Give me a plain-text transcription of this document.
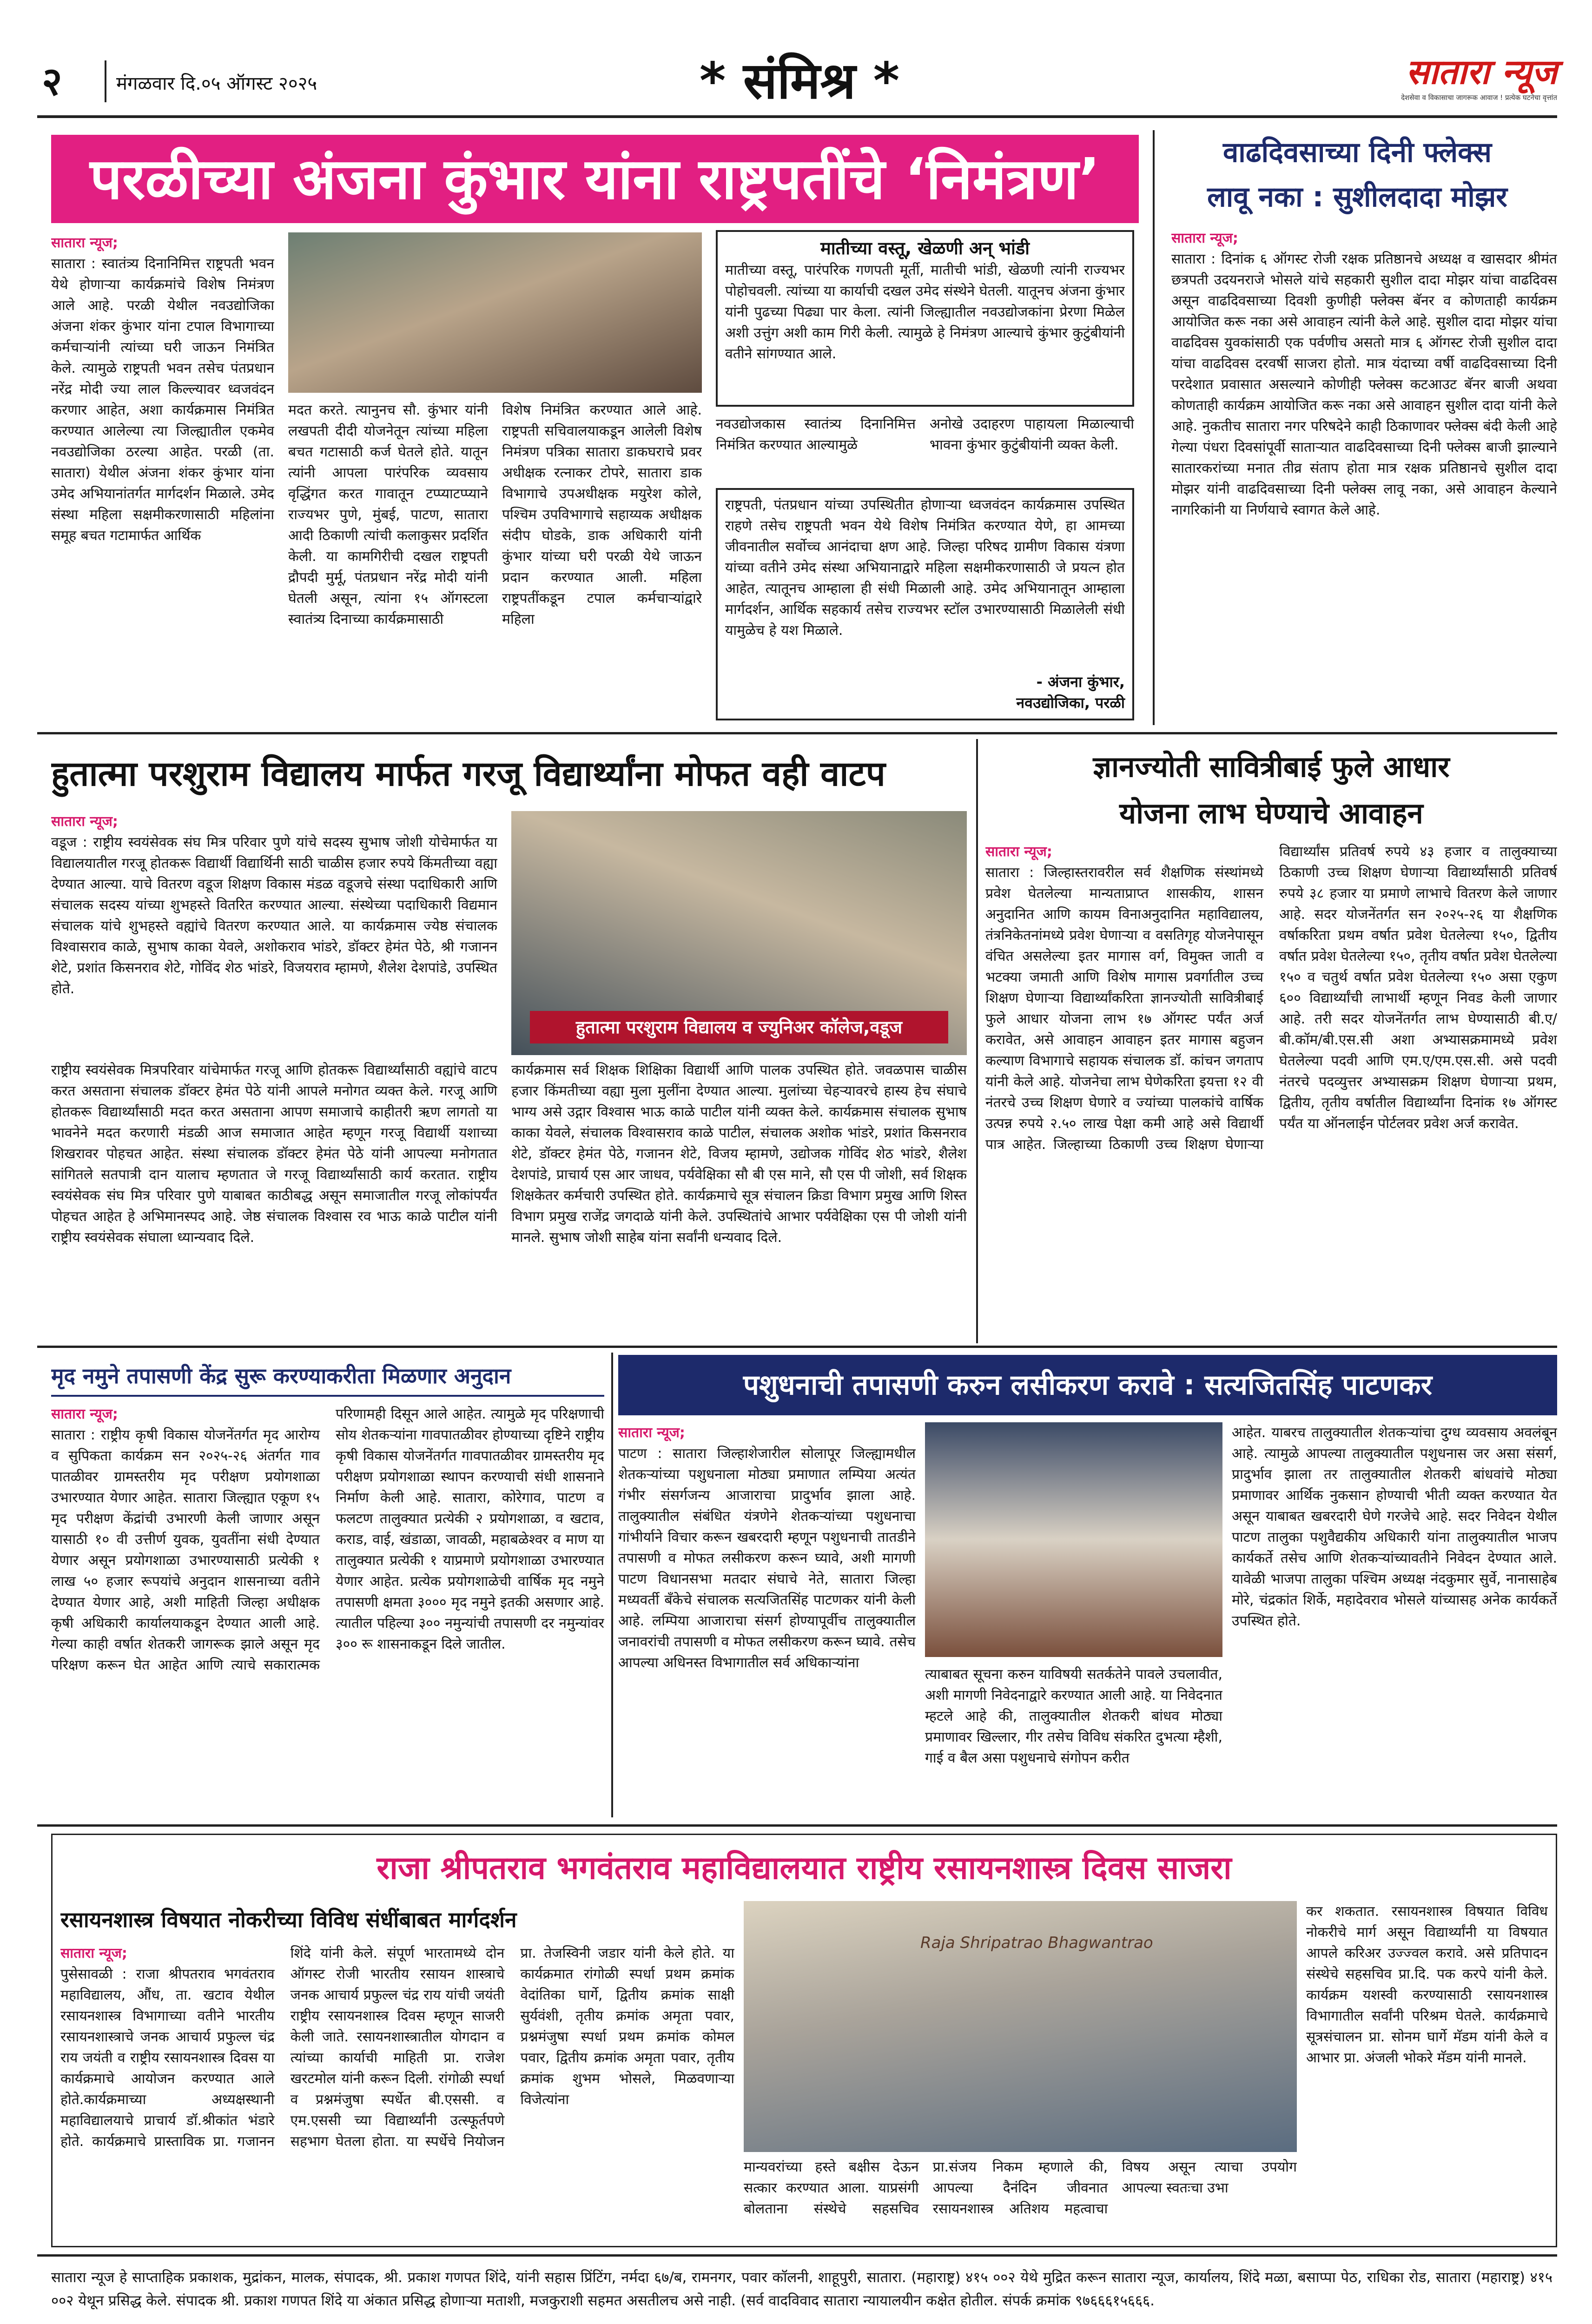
२	मंगळवार दि.०५ ऑगस्ट २०२५	* संमिश्र *	सातारा न्यूज
देशसेवा व विकासाचा जागरूक आवाज ! प्रत्येक घटनेचा वृत्तांत
परळीच्या अंजना कुंभार यांना राष्ट्रपतींचे ‘निमंत्रण’
सातारा न्यूज;
सातारा : स्वातंत्र्य दिनानिमित्त राष्ट्रपती भवन येथे होणाऱ्या कार्यक्रमांचे विशेष निमंत्रण आले आहे. परळी येथील नवउद्योजिका अंजना शंकर कुंभार यांना टपाल विभागाच्या कर्मचाऱ्यांनी त्यांच्या घरी जाऊन निमंत्रित केले. त्यामुळे राष्ट्रपती भवन तसेच पंतप्रधान नरेंद्र मोदी ज्या लाल किल्ल्यावर ध्वजवंदन करणार आहेत, अशा कार्यक्रमास निमंत्रित करण्यात आलेल्या त्या जिल्ह्यातील एकमेव नवउद्योजिका ठरल्या आहेत. परळी (ता. सातारा) येथील अंजना शंकर कुंभार यांना उमेद अभियानांतर्गत मार्गदर्शन मिळाले. उमेद संस्था महिला सक्षमीकरणासाठी महिलांना समूह बचत गटामार्फत आर्थिक
मदत करते. त्यानुनच सौ. कुंभार यांनी लखपती दीदी योजनेतून त्यांच्या महिला बचत गटासाठी कर्ज घेतले होते. यातून त्यांनी आपला पारंपरिक व्यवसाय वृद्धिंगत करत गावातून टप्प्याटप्प्याने राज्यभर पुणे, मुंबई, पाटण, सातारा आदी ठिकाणी त्यांची कलाकुसर प्रदर्शित केली. या कामगिरीची दखल राष्ट्रपती द्रौपदी मुर्मू, पंतप्रधान नरेंद्र मोदी यांनी घेतली असून, त्यांना १५ ऑगस्टला स्वातंत्र्य दिनाच्या कार्यक्रमासाठी
विशेष निमंत्रित करण्यात आले आहे. राष्ट्रपती सचिवालयाकडून आलेली विशेष निमंत्रण पत्रिका सातारा डाकघराचे प्रवर अधीक्षक रत्नाकर टोपरे, सातारा डाक विभागाचे उपअधीक्षक मयुरेश कोले, पश्चिम उपविभागाचे सहाय्यक अधीक्षक संदीप घोडके, डाक अधिकारी यांनी कुंभार यांच्या घरी परळी येथे जाऊन प्रदान करण्यात आली. महिला राष्ट्रपतींकडून टपाल कर्मचाऱ्यांद्वारे महिला
मातीच्या वस्तू, खेळणी अन्‌ भांडी
मातीच्या वस्तू, पारंपरिक गणपती मूर्ती, मातीची भांडी, खेळणी त्यांनी राज्यभर पोहोचवली. त्यांच्या या कार्याची दखल उमेद संस्थेने घेतली. यातूनच अंजना कुंभार यांनी पुढच्या पिढ्या पार केला. त्यांनी जिल्ह्यातील नवउद्योजकांना प्रेरणा मिळेल अशी उत्तुंग अशी काम गिरी केली. त्यामुळे हे निमंत्रण आल्याचे कुंभार कुटुंबीयांनी वतीने सांगण्यात आले.
नवउद्योजकास स्वातंत्र्य दिनानिमित्त निमंत्रित करण्यात आल्यामुळे
अनोखे उदाहरण पाहायला मिळाल्याची भावना कुंभार कुटुंबीयांनी व्यक्त केली.
राष्ट्रपती, पंतप्रधान यांच्या उपस्थितीत होणाऱ्या ध्वजवंदन कार्यक्रमास उपस्थित राहणे तसेच राष्ट्रपती भवन येथे विशेष निमंत्रित करण्यात येणे, हा आमच्या जीवनातील सर्वोच्च आनंदाचा क्षण आहे. जिल्हा परिषद ग्रामीण विकास यंत्रणा यांच्या वतीने उमेद संस्था अभियानाद्वारे महिला सक्षमीकरणासाठी जे प्रयत्न होत आहेत, त्यातूनच आम्हाला ही संधी मिळाली आहे. उमेद अभियानातून आम्हाला मार्गदर्शन, आर्थिक सहकार्य तसेच राज्यभर स्टॉल उभारण्यासाठी मिळालेली संधी यामुळेच हे यश मिळाले.
- अंजना कुंभार,
नवउद्योजिका, परळी
वाढदिवसाच्या दिनी फ्लेक्स
लावू नका : सुशीलदादा मोझर
सातारा न्यूज;
सातारा : दिनांक ६ ऑगस्ट रोजी रक्षक प्रतिष्ठानचे अध्यक्ष व खासदार श्रीमंत छत्रपती उदयनराजे भोसले यांचे सहकारी सुशील दादा मोझर यांचा वाढदिवस असून वाढदिवसाच्या दिवशी कुणीही फ्लेक्स बॅनर व कोणताही कार्यक्रम आयोजित करू नका असे आवाहन त्यांनी केले आहे. सुशील दादा मोझर यांचा वाढदिवस युवकांसाठी एक पर्वणीच असतो मात्र ६ ऑगस्ट रोजी सुशील दादा यांचा वाढदिवस दरवर्षी साजरा होतो. मात्र यंदाच्या वर्षी वाढदिवसाच्या दिनी परदेशात प्रवासात असल्याने कोणीही फ्लेक्स कटआउट बॅनर बाजी अथवा कोणताही कार्यक्रम आयोजित करू नका असे आवाहन सुशील दादा यांनी केले आहे. नुकतीच सातारा नगर परिषदेने काही ठिकाणावर फ्लेक्स बंदी केली आहे गेल्या पंधरा दिवसांपूर्वी सातार्‍यात वाढदिवसाच्या दिनी फ्लेक्स बाजी झाल्याने सातारकरांच्या मनात तीव्र संताप होता मात्र रक्षक प्रतिष्ठानचे सुशील दादा मोझर यांनी वाढदिवसाच्या दिनी फ्लेक्स लावू नका, असे आवाहन केल्याने नागरिकांनी या निर्णयाचे स्वागत केले आहे.
हुतात्मा परशुराम विद्यालय मार्फत गरजू विद्यार्थ्यांना मोफत वही वाटप
सातारा न्यूज;
वडूज : राष्ट्रीय स्वयंसेवक संघ मित्र परिवार पुणे यांचे सदस्य सुभाष जोशी योचेमार्फत या विद्यालयातील गरजू होतकरू विद्यार्थी विद्यार्थिनी साठी चाळीस हजार रुपये किंमतीच्या वह्या देण्यात आल्या. याचे वितरण वडूज शिक्षण विकास मंडळ वडूजचे संस्था पदाधिकारी आणि संचालक सदस्य यांच्या शुभहस्ते वितरित करण्यात आल्या. संस्थेच्या पदाधिकारी विद्यमान संचालक यांचे शुभहस्ते वह्यांचे वितरण करण्यात आले. या कार्यक्रमास ज्येष्ठ संचालक विश्वासराव काळे, सुभाष काका येवले, अशोकराव भांडरे, डॉक्टर हेमंत पेठे, श्री गजानन शेटे, प्रशांत किसनराव शेटे, गोविंद शेठ भांडरे, विजयराव म्हामणे, शैलेश देशपांडे, उपस्थित होते.
हुतात्मा परशुराम विद्यालय व ज्युनिअर कॉलेज,वडूज
राष्ट्रीय स्वयंसेवक मित्रपरिवार यांचेमार्फत गरजू आणि होतकरू विद्यार्थ्यांसाठी वह्यांचे वाटप करत असताना संचालक डॉक्टर हेमंत पेठे यांनी आपले मनोगत व्यक्त केले. गरजू आणि होतकरू विद्यार्थ्यांसाठी मदत करत असताना आपण समाजाचे काहीतरी ऋण लागतो या भावनेने मदत करणारी मंडळी आज समाजात आहेत म्हणून गरजू विद्यार्थी यशाच्या शिखरावर पोहचत आहेत. संस्था संचालक डॉक्टर हेमंत पेठे यांनी आपल्या मनोगतात सांगितले सतपात्री दान यालाच म्हणतात जे गरजू विद्यार्थ्यांसाठी कार्य करतात. राष्ट्रीय स्वयंसेवक संघ मित्र परिवार पुणे याबाबत काठीबद्ध असून समाजातील गरजू लोकांपर्यंत पोहचत आहेत हे अभिमानस्पद आहे. जेष्ठ संचालक विश्वास रव भाऊ काळे पाटील यांनी राष्ट्रीय स्वयंसेवक संघाला ध्यान्यवाद दिले.
कार्यक्रमास सर्व शिक्षक शिक्षिका विद्यार्थी आणि पालक उपस्थित होते. जवळपास चाळीस हजार किंमतीच्या वह्या मुला मुलींना देण्यात आल्या. मुलांच्या चेहऱ्यावरचे हास्य हेच संघाचे भाग्य असे उद्गार विश्वास भाऊ काळे पाटील यांनी व्यक्त केले. कार्यक्रमास संचालक सुभाष काका येवले, संचालक विश्वासराव काळे पाटील, संचालक अशोक भांडरे, प्रशांत किसनराव शेटे, डॉक्टर हेमंत पेठे, गजानन शेटे, विजय म्हामणे, उद्योजक गोविंद शेठ भांडरे, शैलेश देशपांडे, प्राचार्य एस आर जाधव, पर्यवेक्षिका सौ बी एस माने, सौ एस पी जोशी, सर्व शिक्षक शिक्षकेतर कर्मचारी उपस्थित होते. कार्यक्रमाचे सूत्र संचालन क्रिडा विभाग प्रमुख आणि शिस्त विभाग प्रमुख राजेंद्र जगदाळे यांनी केले. उपस्थितांचे आभार पर्यवेक्षिका एस पी जोशी यांनी मानले. सुभाष जोशी साहेब यांना सर्वांनी धन्यवाद दिले.
ज्ञानज्योती सावित्रीबाई फुले आधार
योजना लाभ घेण्याचे आवाहन
सातारा न्यूज;
सातारा : जिल्हास्तरावरील सर्व शैक्षणिक संस्थांमध्ये प्रवेश घेतलेल्या मान्यताप्राप्त शासकीय, शासन अनुदानित आणि कायम विनाअनुदानित महाविद्यालय, तंत्रनिकेतनांमध्ये प्रवेश घेणाऱ्या व वसतिगृह योजनेपासून वंचित असलेल्या इतर मागास वर्ग, विमुक्त जाती व भटक्या जमाती आणि विशेष मागास प्रवर्गातील उच्च शिक्षण घेणाऱ्या विद्यार्थ्यांकरिता ज्ञानज्योती सावित्रीबाई फुले आधार योजना लाभ १७ ऑगस्ट पर्यंत अर्ज करावेत, असे आवाहन आवाहन इतर मागास बहुजन कल्याण विभागाचे सहायक संचालक डॉ. कांचन जगताप यांनी केले आहे. योजनेचा लाभ घेणेकरिता इयत्ता १२ वी नंतरचे उच्च शिक्षण घेणारे व ज्यांच्या पालकांचे वार्षिक उत्पन्न रुपये २.५० लाख पेक्षा कमी आहे असे विद्यार्थी पात्र आहेत. जिल्हाच्या ठिकाणी उच्च शिक्षण घेणाऱ्या विद्यार्थ्यांस प्रतिवर्ष रुपये ४३ हजार व तालुक्याच्या ठिकाणी उच्च शिक्षण घेणाऱ्या विद्यार्थ्यांसाठी प्रतिवर्ष रुपये ३८ हजार या प्रमाणे लाभाचे वितरण केले जाणार आहे. सदर योजनेंतर्गत सन २०२५-२६ या शैक्षणिक वर्षाकरिता प्रथम वर्षात प्रवेश घेतलेल्या १५०, द्वितीय वर्षात प्रवेश घेतलेल्या १५०, तृतीय वर्षात प्रवेश घेतलेल्या १५० व चतुर्थ वर्षात प्रवेश घेतलेल्या १५० असा एकुण ६०० विद्यार्थ्यांची लाभार्थी म्हणून निवड केली जाणार आहे. तरी सदर योजनेंतर्गत लाभ घेण्यासाठी बी.ए/बी.कॉम/बी.एस.सी अशा अभ्यासक्रमामध्ये प्रवेश घेतलेल्या पदवी आणि एम.ए/एम.एस.सी. असे पदवी नंतरचे पदव्युत्तर अभ्यासक्रम शिक्षण घेणाऱ्या प्रथम, द्वितीय, तृतीय वर्षातील विद्यार्थ्यांना दिनांक १७ ऑगस्ट पर्यंत या ऑनलाईन पोर्टलवर प्रवेश अर्ज करावेत.
मृद नमुने तपासणी केंद्र सुरू करण्याकरीता मिळणार अनुदान
सातारा न्यूज;
सातारा : राष्ट्रीय कृषी विकास योजनेंतर्गत मृद आरोग्य व सुपिकता कार्यक्रम सन २०२५-२६ अंतर्गत गाव पातळीवर ग्रामस्तरीय मृद परीक्षण प्रयोगशाळा उभारण्यात येणार आहेत. सातारा जिल्ह्यात एकूण १५ मृद परीक्षण केंद्रांची उभारणी केली जाणार असून यासाठी १० वी उत्तीर्ण युवक, युवतींना संधी देण्यात येणार असून प्रयोगशाळा उभारण्यासाठी प्रत्येकी १ लाख ५० हजार रूपयांचे अनुदान शासनाच्या वतीने देण्यात येणार आहे, अशी माहिती जिल्हा अधीक्षक कृषी अधिकारी कार्यालयाकडून देण्यात आली आहे. गेल्या काही वर्षात शेतकरी जागरूक झाले असून मृद परिक्षण करून घेत आहेत आणि त्याचे सकारात्मक परिणामही दिसून आले आहेत. त्यामुळे मृद परिक्षणाची सोय शेतकऱ्यांना गावपातळीवर होण्याच्या दृष्टिने राष्ट्रीय कृषी विकास योजनेंतर्गत गावपातळीवर ग्रामस्तरीय मृद परीक्षण प्रयोगशाळा स्थापन करण्याची संधी शासनाने निर्माण केली आहे. सातारा, कोरेगाव, पाटण व फलटण तालुक्यात प्रत्येकी २ प्रयोगशाळा, व खटाव, कराड, वाई, खंडाळा, जावळी, महाबळेश्वर व माण या तालुक्यात प्रत्येकी १ याप्रमाणे प्रयोगशाळा उभारण्यात येणार आहेत. प्रत्येक प्रयोगशाळेची वार्षिक मृद नमुने तपासणी क्षमता ३००० मृद नमुने इतकी असणार आहे. त्यातील पहिल्या ३०० नमुन्यांची तपासणी दर नमुन्यांवर ३०० रू शासनाकडून दिले जातील.
पशुधनाची तपासणी करुन लसीकरण करावे : सत्यजितसिंह पाटणकर
सातारा न्यूज;
पाटण : सातारा जिल्हाशेजारील सोलापूर जिल्ह्यामधील शेतकऱ्यांच्या पशुधनाला मोठ्या प्रमाणात लम्पिया अत्यंत गंभीर संसर्गजन्य आजाराचा प्रादुर्भाव झाला आहे. तालुक्यातील संबंधित यंत्रणेने शेतकऱ्यांच्या पशुधनाचा गांभीर्याने विचार करून खबरदारी म्हणून पशुधनाची तातडीने तपासणी व मोफत लसीकरण करून घ्यावे, अशी मागणी पाटण विधानसभा मतदार संघाचे नेते, सातारा जिल्हा मध्यवर्ती बँकेचे संचालक सत्यजितसिंह पाटणकर यांनी केली आहे. लम्पिया आजाराचा संसर्ग होण्यापूर्वीच तालुक्यातील जनावरांची तपासणी व मोफत लसीकरण करून घ्यावे. तसेच आपल्या अधिनस्त विभागातील सर्व अधिकाऱ्यांना
त्याबाबत सूचना करुन याविषयी सतर्कतेने पावले उचलावीत, अशी मागणी निवेदनाद्वारे करण्यात आली आहे. या निवेदनात म्हटले आहे की, तालुक्यातील शेतकरी बांधव मोठ्या प्रमाणावर खिल्लार, गीर तसेच विविध संकरित दुभत्या म्हैशी, गाई व बैल असा पशुधनाचे संगोपन करीत
आहेत. याबरच तालुक्यातील शेतकऱ्यांचा दुग्ध व्यवसाय अवलंबून आहे. त्यामुळे आपल्या तालुक्यातील पशुधनास जर असा संसर्ग, प्रादुर्भाव झाला तर तालुक्यातील शेतकरी बांधवांचे मोठ्या प्रमाणावर आर्थिक नुकसान होण्याची भीती व्यक्त करण्यात येत असून याबाबत खबरदारी घेणे गरजेचे आहे. सदर निवेदन येथील पाटण तालुका पशुवैद्यकीय अधिकारी यांना तालुक्यातील भाजप कार्यकर्ते तसेच आणि शेतकऱ्यांच्यावतीने निवेदन देण्यात आले. यावेळी भाजपा तालुका पश्चिम अध्यक्ष नंदकुमार सुर्वे, नानासाहेब मोरे, चंद्रकांत शिर्के, महादेवराव भोसले यांच्यासह अनेक कार्यकर्ते उपस्थित होते.
राजा श्रीपतराव भगवंतराव महाविद्यालयात राष्ट्रीय रसायनशास्त्र दिवस साजरा
रसायनशास्त्र विषयात नोकरीच्या विविध संधींबाबत मार्गदर्शन
सातारा न्यूज;
पुसेसावळी : राजा श्रीपतराव भगवंतराव महाविद्यालय, औंध, ता. खटाव येथील रसायनशास्त्र विभागाच्या वतीने भारतीय रसायनशास्त्राचे जनक आचार्य प्रफुल्ल चंद्र राय जयंती व राष्ट्रीय रसायनशास्त्र दिवस या कार्यक्रमाचे आयोजन करण्यात आले होते.कार्यक्रमाच्या अध्यक्षस्थानी महाविद्यालयाचे प्राचार्य डॉ.श्रीकांत भंडारे होते. कार्यक्रमाचे प्रास्ताविक प्रा. गजानन शिंदे यांनी केले. संपूर्ण भारतामध्ये दोन ऑगस्ट रोजी भारतीय रसायन शास्त्राचे जनक आचार्य प्रफुल्ल चंद्र राय यांची जयंती राष्ट्रीय रसायनशास्त्र दिवस म्हणून साजरी केली जाते. रसायनशास्त्रातील योगदान व त्यांच्या कार्याची माहिती प्रा. राजेश खरटमोल यांनी करून दिली. रांगोळी स्पर्धा व प्रश्नमंजुषा स्पर्धेत बी.एससी. व एम.एससी च्या विद्यार्थ्यांनी उत्स्फूर्तपणे सहभाग घेतला होता. या स्पर्धेचे नियोजन प्रा. तेजस्विनी जडार यांनी केले होते. या कार्यक्रमात रांगोळी स्पर्धा प्रथम क्रमांक वेदांतिका घार्गे, द्वितीय क्रमांक साक्षी सुर्यवंशी, तृतीय क्रमांक अमृता पवार, प्रश्नमंजुषा स्पर्धा प्रथम क्रमांक कोमल पवार, द्वितीय क्रमांक अमृता पवार, तृतीय क्रमांक शुभम भोसले, मिळवणाऱ्या विजेत्यांना
Raja Shripatrao Bhagwantrao
मान्यवरांच्या हस्ते बक्षीस देऊन सत्कार करण्यात आला. याप्रसंगी बोलताना संस्थेचे सहसचिव प्रा.संजय निकम म्हणाले की, आपल्या दैनंदिन जीवनात रसायनशास्त्र अतिशय महत्वाचा विषय असून त्याचा उपयोग आपल्या स्वतःचा उभा
कर शकतात. रसायनशास्त्र विषयात विविध नोकरीचे मार्ग असून विद्यार्थ्यांनी या विषयात आपले करिअर उज्ज्वल करावे. असे प्रतिपादन संस्थेचे सहसचिव प्रा.दि. पक करपे यांनी केले. कार्यक्रम यशस्वी करण्यासाठी रसायनशास्त्र विभागातील सर्वांनी परिश्रम घेतले. कार्यक्रमाचे सूत्रसंचालन प्रा. सोनम घार्गे मॅडम यांनी केले व आभार प्रा. अंजली भोकरे मॅडम यांनी मानले.
सातारा न्यूज हे साप्ताहिक प्रकाशक, मुद्रांकन, मालक, संपादक, श्री. प्रकाश गणपत शिंदे, यांनी सहास प्रिंटिंग, नर्मदा ६७/ब, रामनगर, पवार कॉलनी, शाहूपुरी, सातारा. (महाराष्ट्र) ४१५ ००२ येथे मुद्रित करून सातारा न्यूज, कार्यालय, शिंदे मळा, बसाप्पा पेठ, राधिका रोड, सातारा (महाराष्ट्र) ४१५ ००२ येथून प्रसिद्ध केले. संपादक श्री. प्रकाश गणपत शिंदे या अंकात प्रसिद्ध होणाऱ्या मताशी, मजकुराशी सहमत असतीलच असे नाही. (सर्व वादविवाद सातारा न्यायालयीन कक्षेत होतील. संपर्क क्रमांक ९७६६६१५६६६.
